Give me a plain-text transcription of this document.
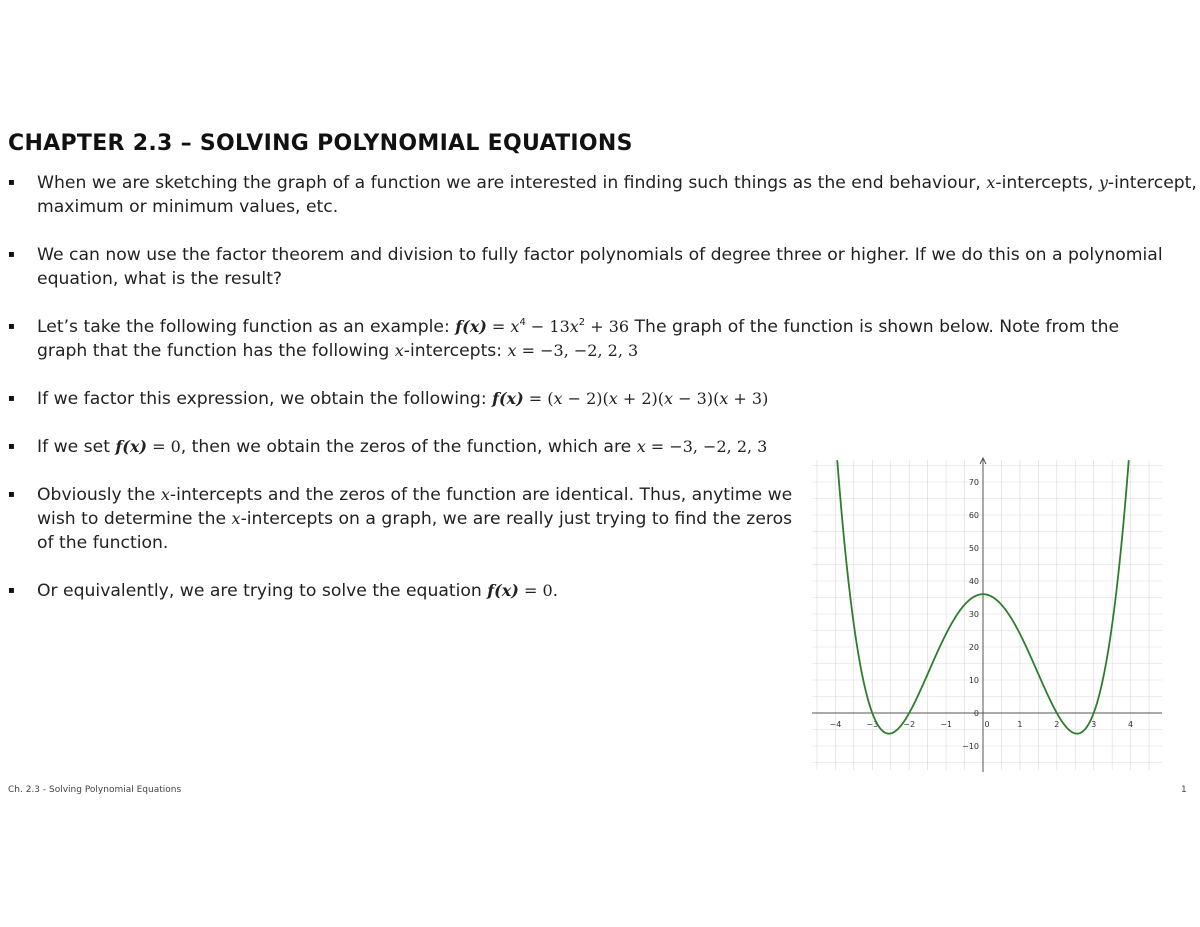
CHAPTER 2.3 – SOLVING POLYNOMIAL EQUATIONS
▪	When we are sketching the graph of a function we are interested in finding such things as the end behaviour, x-intercepts, y-intercept,
maximum or minimum values, etc.
▪	We can now use the factor theorem and division to fully factor polynomials of degree three or higher. If we do this on a polynomial
equation, what is the result?
▪	Let’s take the following function as an example: $f(x) = x^4 - 13x^2 + 36$ The graph of the function is shown below. Note from the
graph that the function has the following x-intercepts: x = −3, −2, 2, 3
▪	If we factor this expression, we obtain the following: f(x) = (x − 2)(x + 2)(x − 3)(x + 3)
▪	If we set f(x) = 0, then we obtain the zeros of the function, which are x = −3, −2, 2, 3
▪	Obviously the x-intercepts and the zeros of the function are identical. Thus, anytime we
wish to determine the x-intercepts on a graph, we are really just trying to find the zeros
of the function.
▪	Or equivalently, we are trying to solve the equation f(x) = 0.
−4	−3	−2	−1	0	1	2	3	4
−10
0
10
20
30
40
50
60
70
Ch. 2.3 - Solving Polynomial Equations	1
